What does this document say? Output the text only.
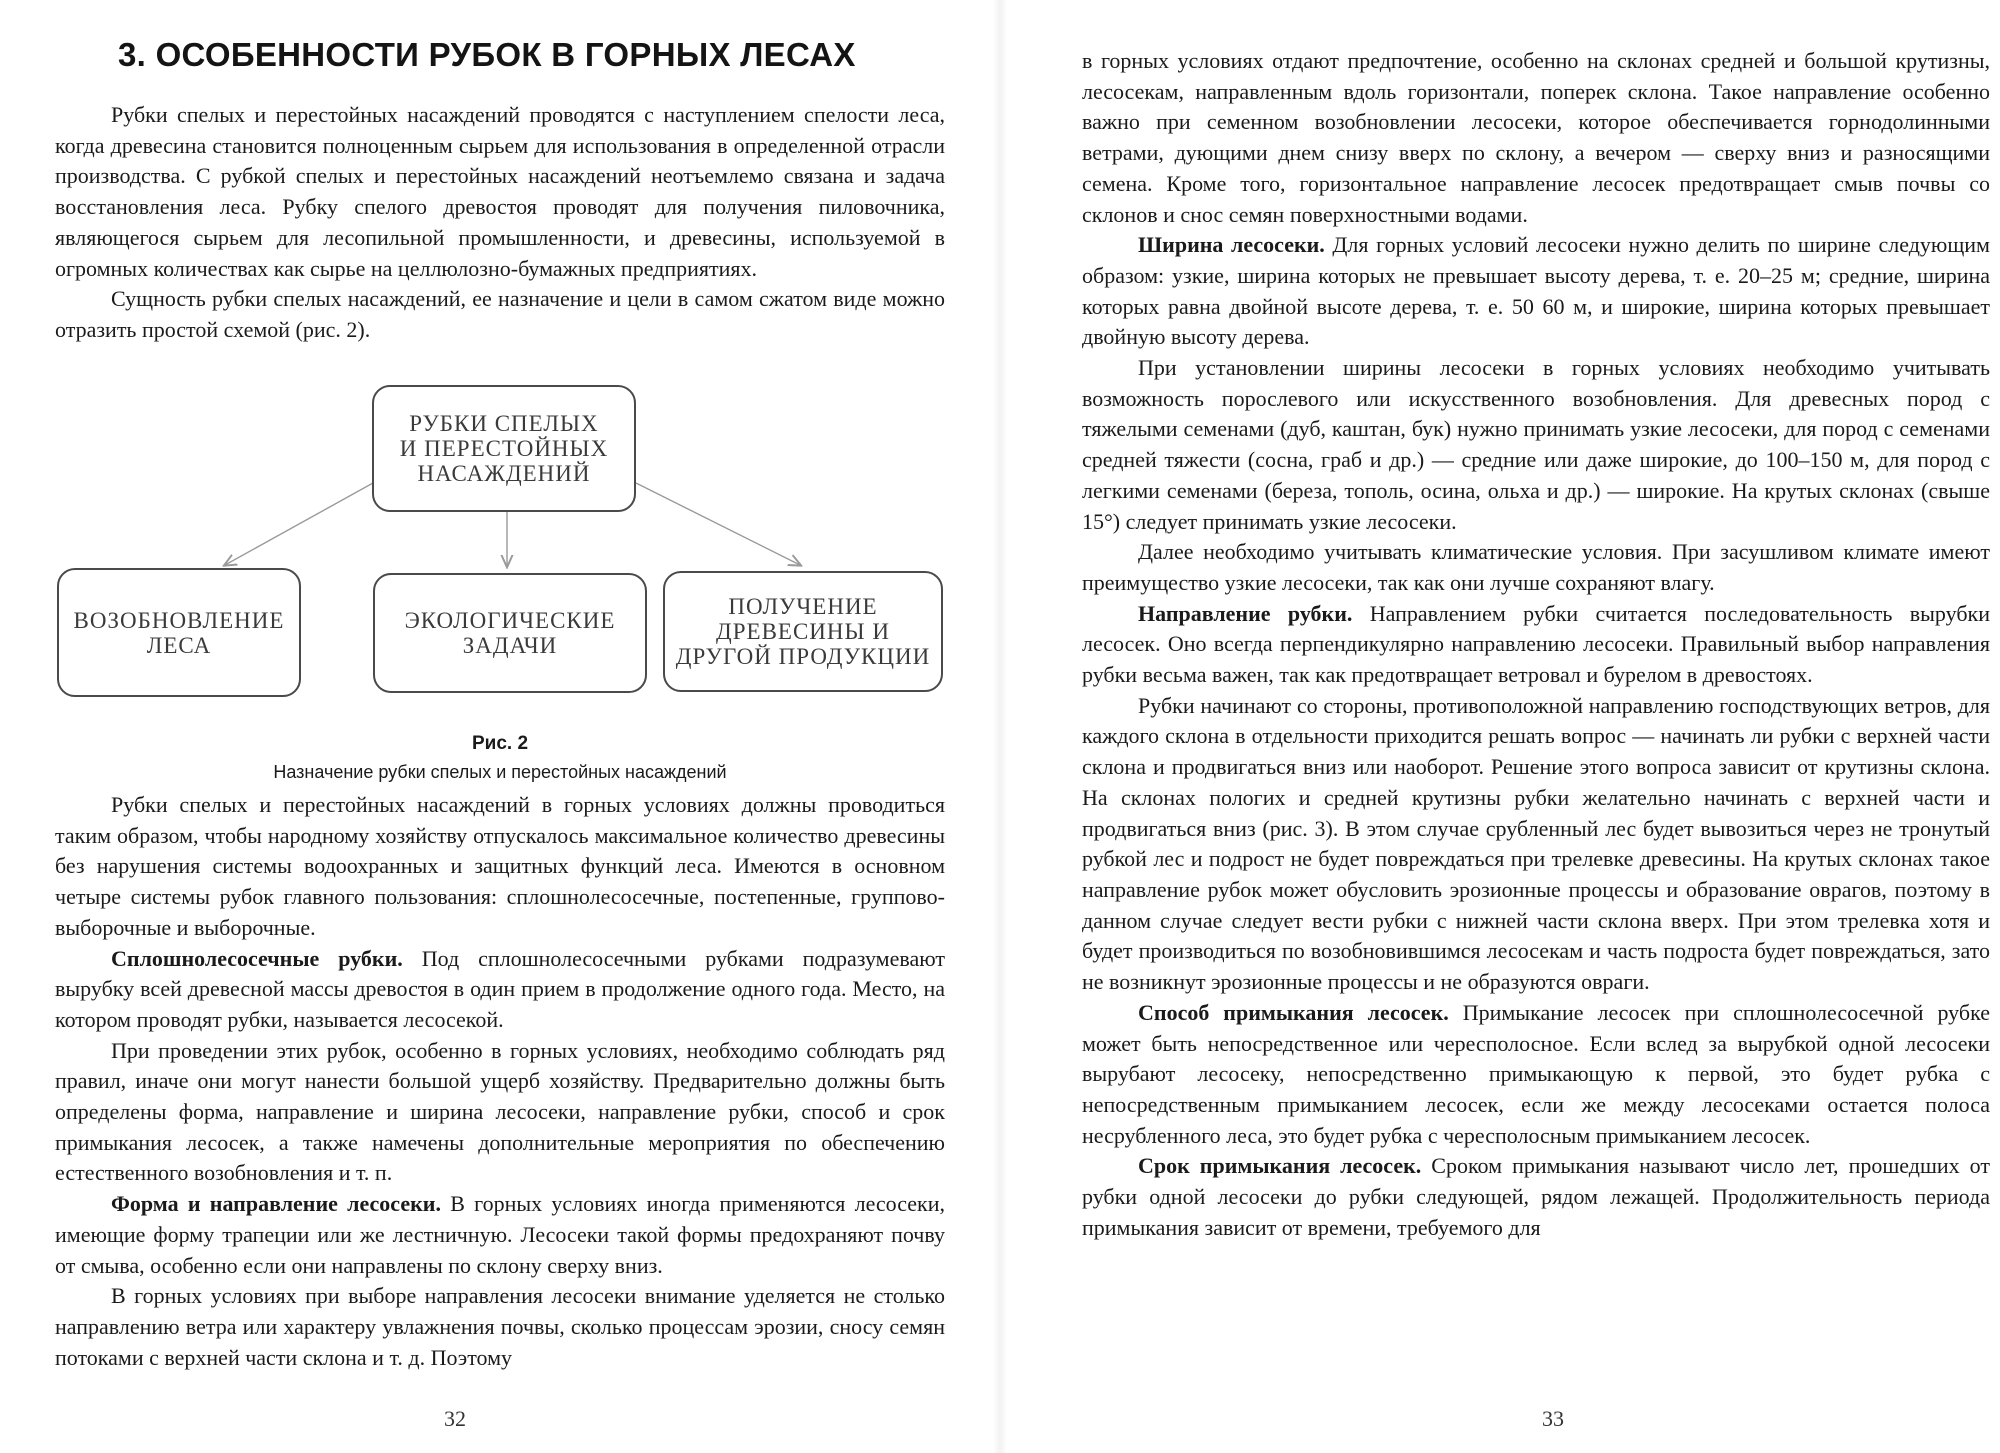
3. ОСОБЕННОСТИ РУБОК В ГОРНЫХ ЛЕСАХ

Рубки спелых и перестойных насаждений проводятся с наступлением спелости леса, когда древесина становится полноценным сырьем для использования в определенной отрасли производства. С рубкой спелых и перестойных насаждений неотъемлемо связана и задача восстановления леса. Рубку спелого древостоя проводят для получения пиловочника, являющегося сырьем для лесопильной промышленности, и древесины, используемой в огромных количествах как сырье на целлюлозно-бумажных предприятиях.

Сущность рубки спелых насаждений, ее назначение и цели в самом сжатом виде можно отразить простой схемой (рис. 2).

РУБКИ СПЕЛЫХ
И ПЕРЕСТОЙНЫХ
НАСАЖДЕНИЙ
ВОЗОБНОВЛЕНИЕ
ЛЕСА
ЭКОЛОГИЧЕСКИЕ
ЗАДАЧИ
ПОЛУЧЕНИЕ
ДРЕВЕСИНЫ И
ДРУГОЙ ПРОДУКЦИИ
Рис. 2
Назначение рубки спелых и перестойных насаждений

Рубки спелых и перестойных насаждений в горных условиях должны проводиться таким образом, чтобы народному хозяйству отпускалось максимальное количество древесины без нарушения системы водоохранных и защитных функций леса. Имеются в основном четыре системы рубок главного пользования: сплошнолесосечные, постепенные, группово-выборочные и выборочные.

Сплошнолесосечные рубки. Под сплошнолесосечными рубками подразумевают вырубку всей древесной массы древостоя в один прием в продолжение одного года. Место, на котором проводят рубки, называется лесосекой.

При проведении этих рубок, особенно в горных условиях, необходимо соблюдать ряд правил, иначе они могут нанести большой ущерб хозяйству. Предварительно должны быть определены форма, направление и ширина лесосеки, направление рубки, способ и срок примыкания лесосек, а также намечены дополнительные мероприятия по обеспечению естественного возобновления и т. п.

Форма и направление лесосеки. В горных условиях иногда применяются лесосеки, имеющие форму трапеции или же лестничную. Лесосеки такой формы предохраняют почву от смыва, особенно если они направлены по склону сверху вниз.

В горных условиях при выборе направления лесосеки внимание уделяется не столько направлению ветра или характеру увлажнения почвы, сколько процессам эрозии, сносу семян потоками с верхней части склона и т. д. Поэтому

32

в горных условиях отдают предпочтение, особенно на склонах средней и большой крутизны, лесосекам, направленным вдоль горизонтали, поперек склона. Такое направление особенно важно при семенном возобновлении лесосеки, которое обеспечивается горнодолинными ветрами, дующими днем снизу вверх по склону, а вечером — сверху вниз и разносящими семена. Кроме того, горизонтальное направление лесосек предотвращает смыв почвы со склонов и снос семян поверхностными водами.

Ширина лесосеки. Для горных условий лесосеки нужно делить по ширине следующим образом: узкие, ширина которых не превышает высоту дерева, т. е. 20–25 м; средние, ширина которых равна двойной высоте дерева, т. е. 50 60 м, и широкие, ширина которых превышает двойную высоту дерева.

При установлении ширины лесосеки в горных условиях необходимо учитывать возможность порослевого или искусственного возобновления. Для древесных пород с тяжелыми семенами (дуб, каштан, бук) нужно принимать узкие лесосеки, для пород с семенами средней тяжести (сосна, граб и др.) — средние или даже широкие, до 100–150 м, для пород с легкими семенами (береза, тополь, осина, ольха и др.) — широкие. На крутых склонах (свыше 15°) следует принимать узкие лесосеки.

Далее необходимо учитывать климатические условия. При засушливом климате имеют преимущество узкие лесосеки, так как они лучше сохраняют влагу.

Направление рубки. Направлением рубки считается последовательность вырубки лесосек. Оно всегда перпендикулярно направлению лесосеки. Правильный выбор направления рубки весьма важен, так как предотвращает ветровал и бурелом в древостоях.

Рубки начинают со стороны, противоположной направлению господствующих ветров, для каждого склона в отдельности приходится решать вопрос — начинать ли рубки с верхней части склона и продвигаться вниз или наоборот. Решение этого вопроса зависит от крутизны склона. На склонах пологих и средней крутизны рубки желательно начинать с верхней части и продвигаться вниз (рис. 3). В этом случае срубленный лес будет вывозиться через не тронутый рубкой лес и подрост не будет повреждаться при трелевке древесины. На крутых склонах такое направление рубок может обусловить эрозионные процессы и образование оврагов, поэтому в данном случае следует вести рубки с нижней части склона вверх. При этом трелевка хотя и будет производиться по возобновившимся лесосекам и часть подроста будет повреждаться, зато не возникнут эрозионные процессы и не образуются овраги.

Способ примыкания лесосек. Примыкание лесосек при сплошнолесосечной рубке может быть непосредственное или чересполосное. Если вслед за вырубкой одной лесосеки вырубают лесосеку, непосредственно примыкающую к первой, это будет рубка с непосредственным примыканием лесосек, если же между лесосеками остается полоса несрубленного леса, это будет рубка с чересполосным примыканием лесосек.

Срок примыкания лесосек. Сроком примыкания называют число лет, прошедших от рубки одной лесосеки до рубки следующей, рядом лежащей. Продолжительность периода примыкания зависит от времени, требуемого для

33
